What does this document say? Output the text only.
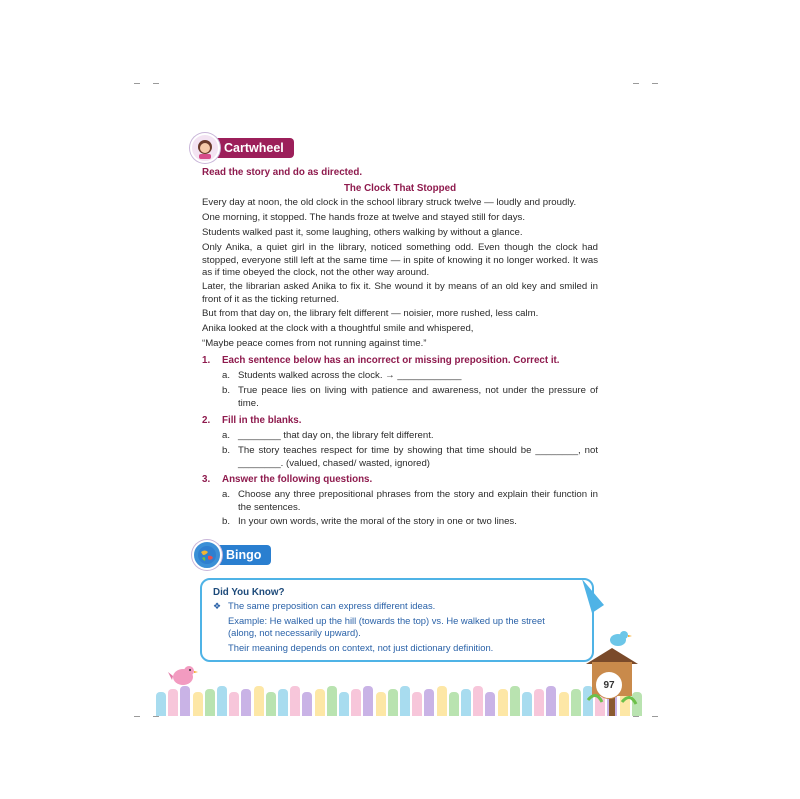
Cartwheel
Read the story and do as directed.
The Clock That Stopped
Every day at noon, the old clock in the school library struck twelve — loudly and proudly.
One morning, it stopped. The hands froze at twelve and stayed still for days.
Students walked past it, some laughing, others walking by without a glance.
Only Anika, a quiet girl in the library, noticed something odd. Even though the clock had stopped, everyone still left at the same time — in spite of knowing it no longer worked. It was as if time obeyed the clock, not the other way around.
Later, the librarian asked Anika to fix it. She wound it by means of an old key and smiled in front of it as the ticking returned.
But from that day on, the library felt different — noisier, more rushed, less calm.
Anika looked at the clock with a thoughtful smile and whispered,
“Maybe peace comes from not running against time.”
1. Each sentence below has an incorrect or missing preposition. Correct it.
a. Students walked across the clock. → ____________
b. True peace lies on living with patience and awareness, not under the pressure of time.
2. Fill in the blanks.
a. ________ that day on, the library felt different.
b. The story teaches respect for time by showing that time should be ________, not ________. (valued, chased/ wasted, ignored)
3. Answer the following questions.
a. Choose any three prepositional phrases from the story and explain their function in the sentences.
b. In your own words, write the moral of the story in one or two lines.
Bingo
Did You Know?
❖ The same preposition can express different ideas.
Example: He walked up the hill (towards the top) vs. He walked up the street (along, not necessarily upward).
Their meaning depends on context, not just dictionary definition.
97
